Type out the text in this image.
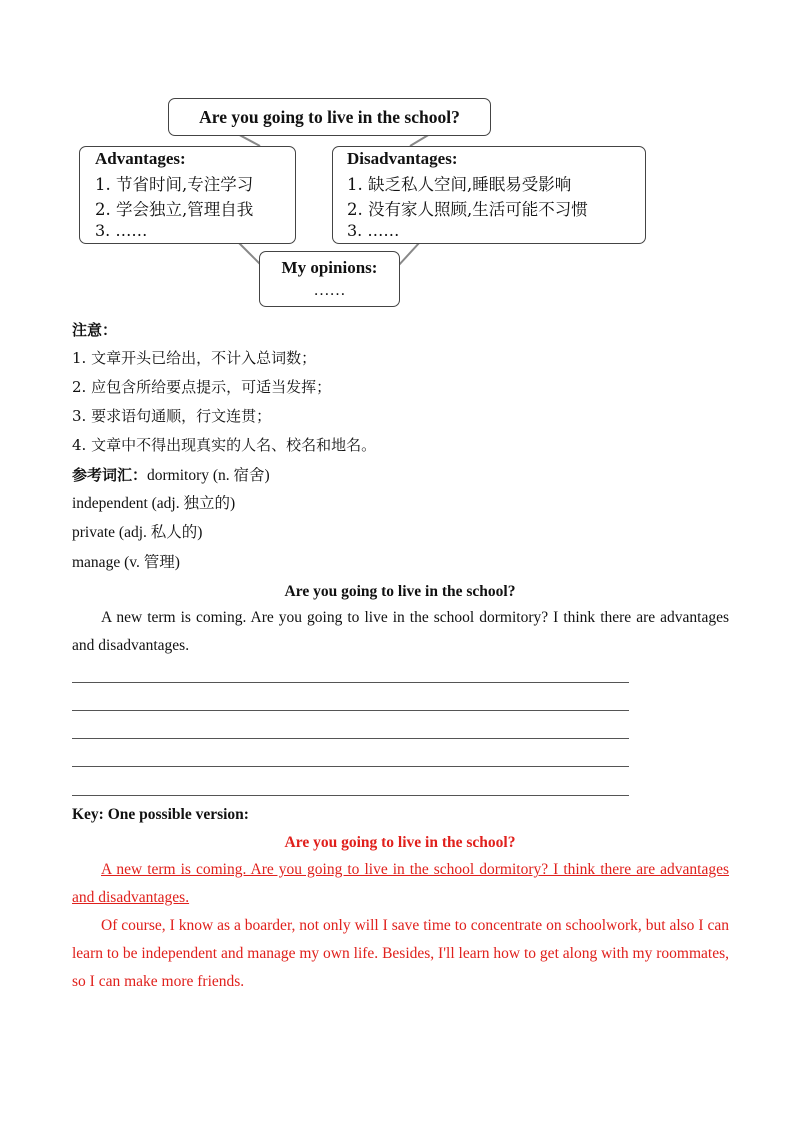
Are you going to live in the school?
Advantages:
1. 节省时间,专注学习
2. 学会独立,管理自我
3. ……
Disadvantages:
1. 缺乏私人空间,睡眠易受影响
2. 没有家人照顾,生活可能不习惯
3. ……
My opinions:
……
注意：
1. 文章开头已给出，不计入总词数；
2. 应包含所给要点提示，可适当发挥；
3. 要求语句通顺，行文连贯；
4. 文章中不得出现真实的人名、校名和地名。
参考词汇：dormitory (n. 宿舍)
independent (adj. 独立的)
private (adj. 私人的)
manage (v. 管理)
Are you going to live in the school?

A new term is coming. Are you going to live in the school dormitory? I think there are advantages and disadvantages.

Key: One possible version:
Are you going to live in the school?

A new term is coming. Are you going to live in the school dormitory? I think there are advantages and disadvantages.

Of course, I know as a boarder, not only will I save time to concentrate on schoolwork, but also I can learn to be independent and manage my own life. Besides, I'll learn how to get along with my roommates, so I can make more friends.
